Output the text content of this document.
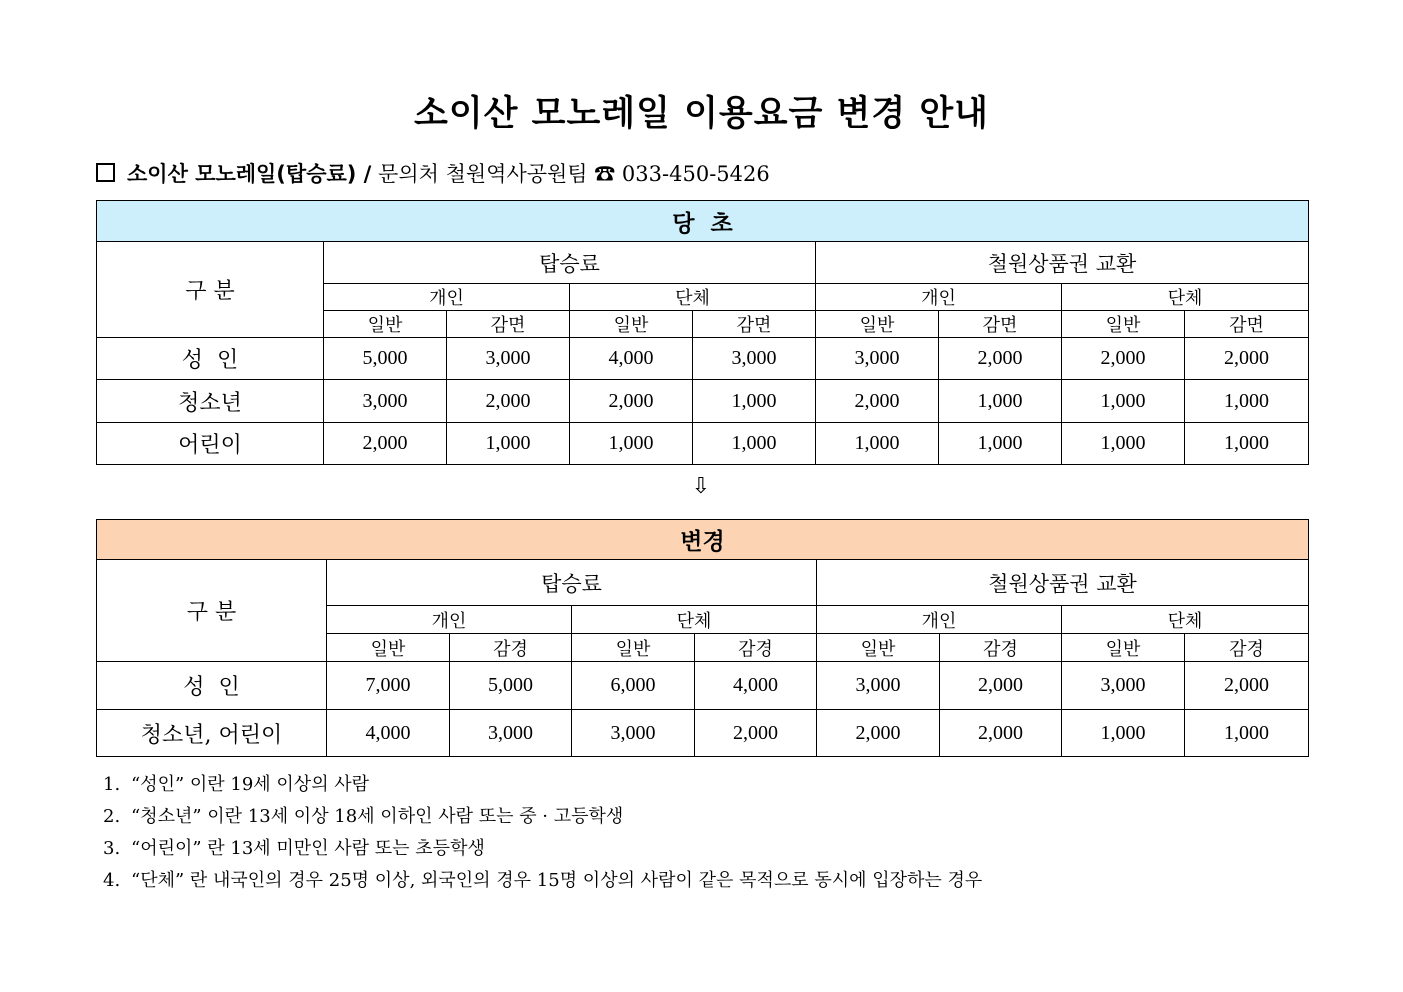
소이산 모노레일 이용요금 변경 안내
소이산 모노레일(탑승료) / 문의처 철원역사공원팀 ☎ 033-450-5426
당  초								
구 분	탑승료				철원상품권 교환			
	개인		단체		개인		단체	
	일반	감면	일반	감면	일반	감면	일반	감면
성  인	5,000	3,000	4,000	3,000	3,000	2,000	2,000	2,000
청소년	3,000	2,000	2,000	1,000	2,000	1,000	1,000	1,000
어린이	2,000	1,000	1,000	1,000	1,000	1,000	1,000	1,000
⇩
변경								
구 분	탑승료				철원상품권 교환			
	개인		단체		개인		단체	
	일반	감경	일반	감경	일반	감경	일반	감경
성  인	7,000	5,000	6,000	4,000	3,000	2,000	3,000	2,000
청소년, 어린이	4,000	3,000	3,000	2,000	2,000	2,000	1,000	1,000
1. “성인” 이란 19세 이상의 사람
2. “청소년” 이란 13세 이상 18세 이하인 사람 또는 중 · 고등학생
3. “어린이” 란 13세 미만인 사람 또는 초등학생
4. “단체” 란 내국인의 경우 25명 이상, 외국인의 경우 15명 이상의 사람이 같은 목적으로 동시에 입장하는 경우
